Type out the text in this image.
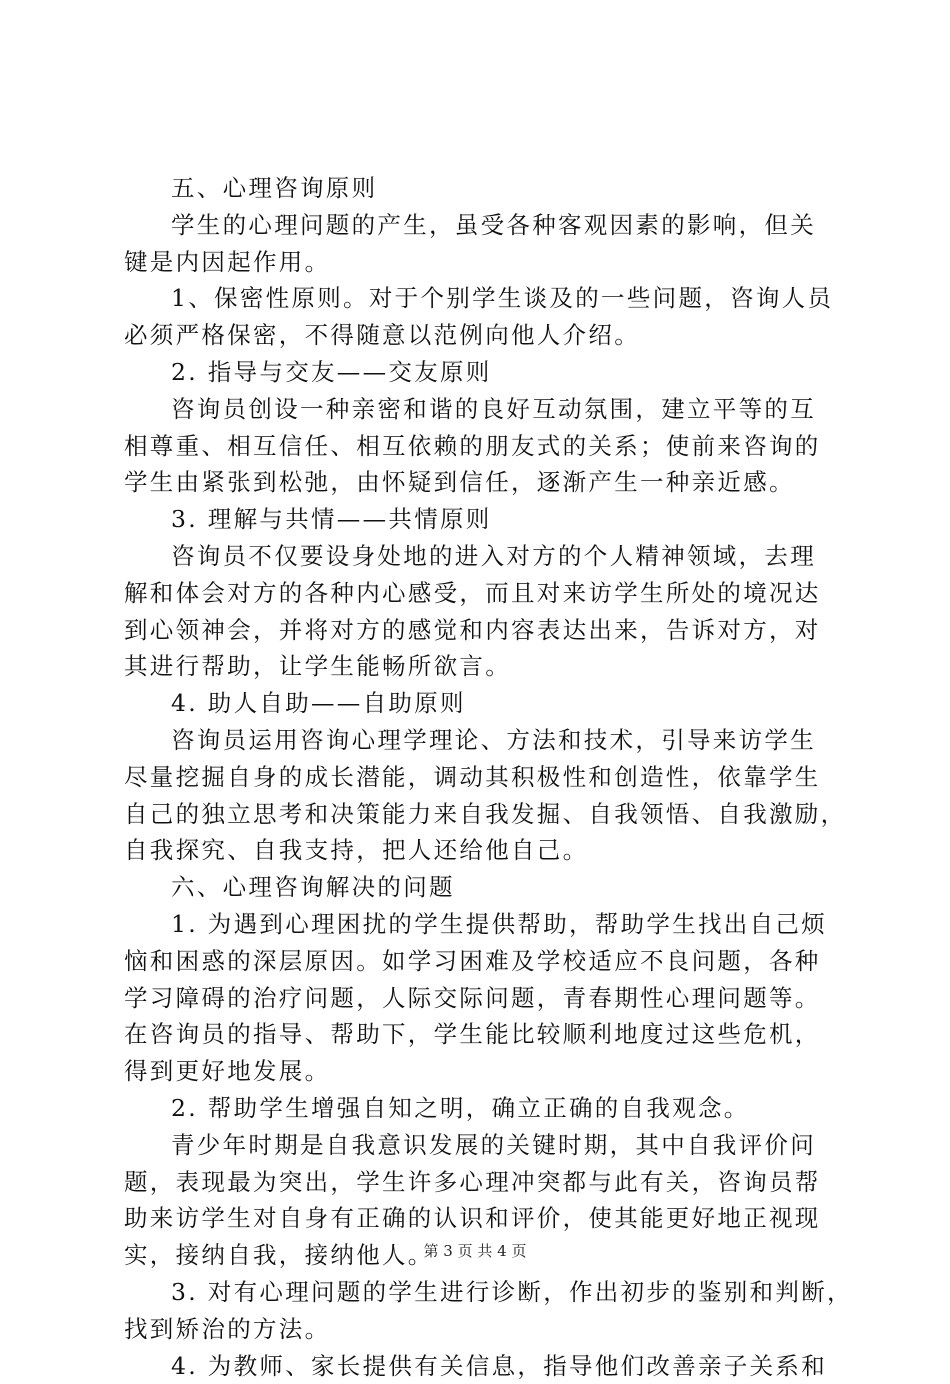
五、心理咨询原则
学生的心理问题的产生，虽受各种客观因素的影响，但关
键是内因起作用。
1、保密性原则。对于个别学生谈及的一些问题，咨询人员
必须严格保密，不得随意以范例向他人介绍。
2. 指导与交友——交友原则
咨询员创设一种亲密和谐的良好互动氛围，建立平等的互
相尊重、相互信任、相互依赖的朋友式的关系；使前来咨询的
学生由紧张到松弛，由怀疑到信任，逐渐产生一种亲近感。
3. 理解与共情——共情原则
咨询员不仅要设身处地的进入对方的个人精神领域，去理
解和体会对方的各种内心感受，而且对来访学生所处的境况达
到心领神会，并将对方的感觉和内容表达出来，告诉对方，对
其进行帮助，让学生能畅所欲言。
4. 助人自助——自助原则
咨询员运用咨询心理学理论、方法和技术，引导来访学生
尽量挖掘自身的成长潜能，调动其积极性和创造性，依靠学生
自己的独立思考和决策能力来自我发掘、自我领悟、自我激励，
自我探究、自我支持，把人还给他自己。
六、心理咨询解决的问题
1. 为遇到心理困扰的学生提供帮助，帮助学生找出自己烦
恼和困惑的深层原因。如学习困难及学校适应不良问题，各种
学习障碍的治疗问题，人际交际问题，青春期性心理问题等。
在咨询员的指导、帮助下，学生能比较顺利地度过这些危机，
得到更好地发展。
2. 帮助学生增强自知之明，确立正确的自我观念。
青少年时期是自我意识发展的关键时期，其中自我评价问
题，表现最为突出，学生许多心理冲突都与此有关，咨询员帮
助来访学生对自身有正确的认识和评价，使其能更好地正视现
实，接纳自我，接纳他人。
3. 对有心理问题的学生进行诊断，作出初步的鉴别和判断，
找到矫治的方法。
4. 为教师、家长提供有关信息，指导他们改善亲子关系和
第 3 页 共 4 页
